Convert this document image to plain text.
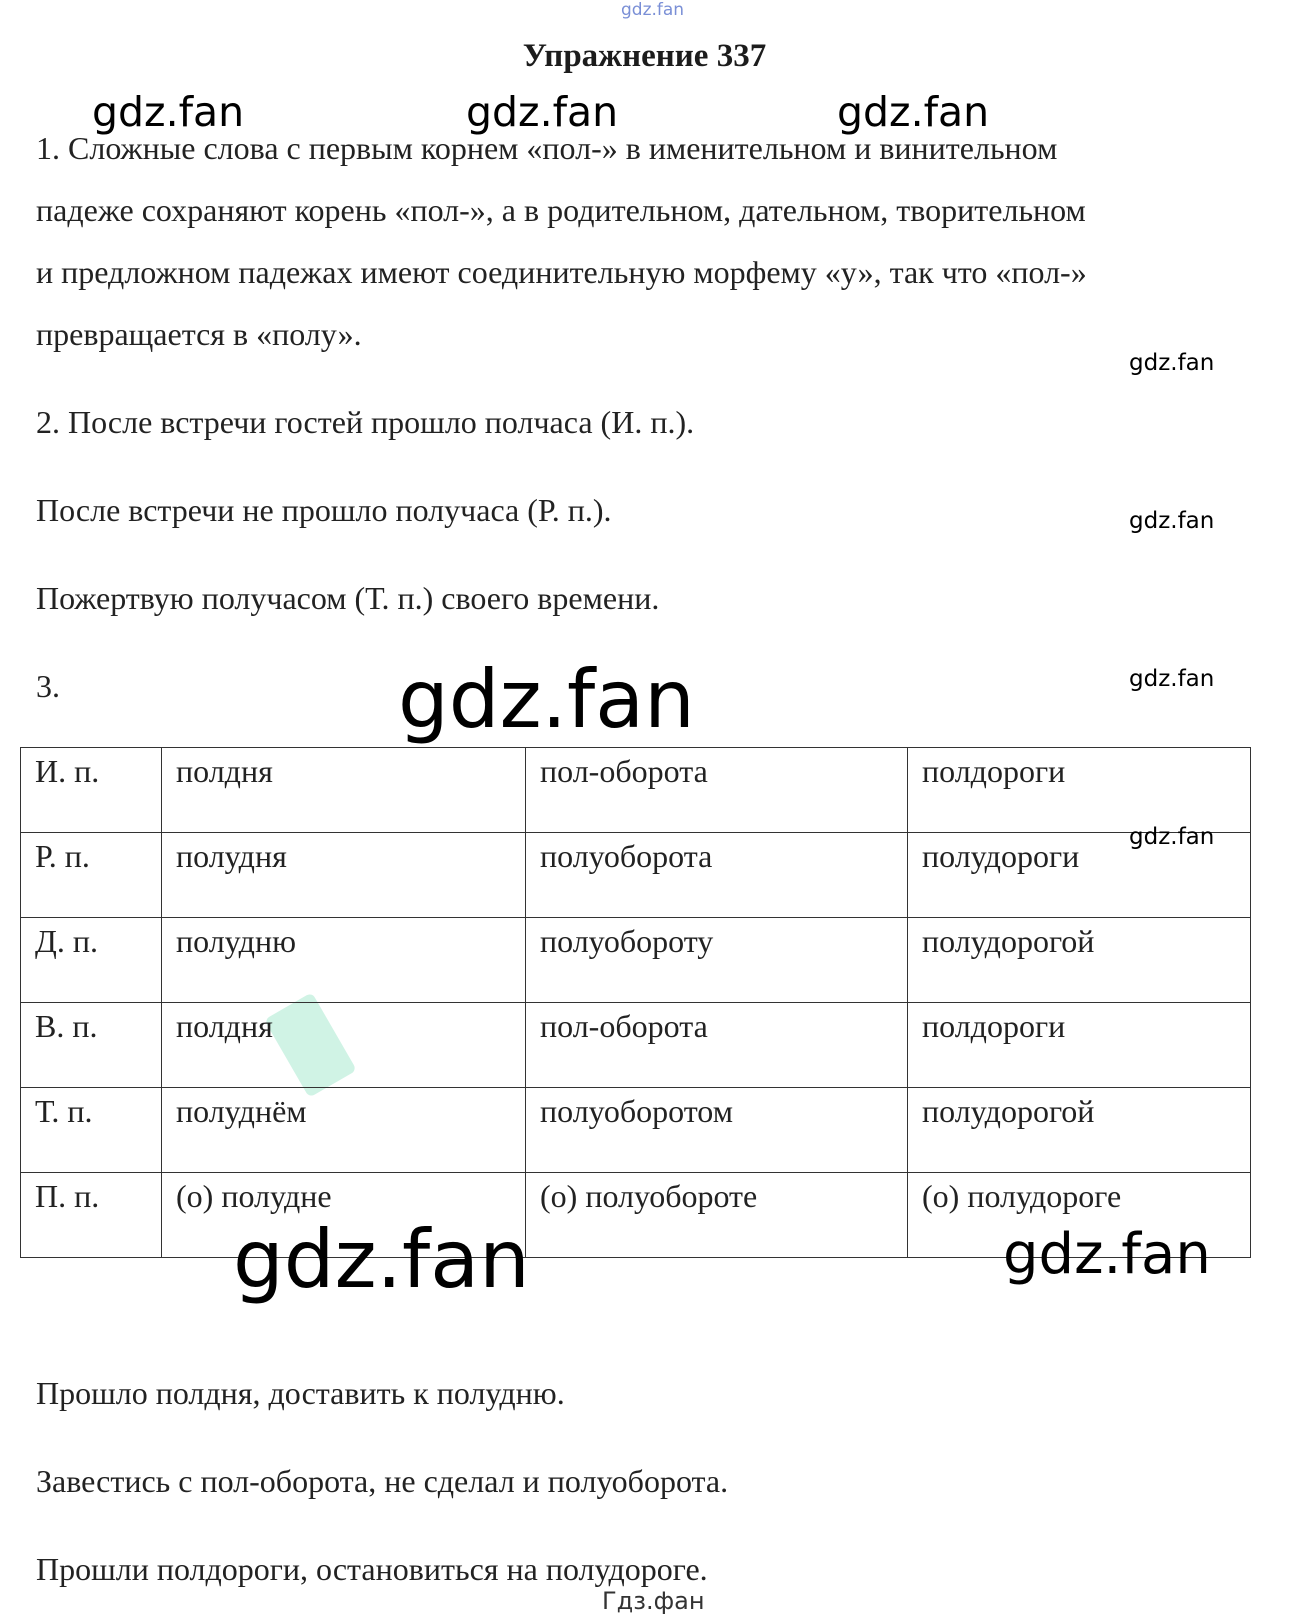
gdz.fan
Упражнение 337
1. Сложные слова с первым корнем «пол-» в именительном и винительном
падеже сохраняют корень «пол-», а в родительном, дательном, творительном
и предложном падежах имеют соединительную морфему «у», так что «пол-»
превращается в «полу».
2. После встречи гостей прошло полчаса (И. п.).
После встречи не прошло получаса (Р. п.).
Пожертвую получасом (Т. п.) своего времени.
3.
И. п.	полдня	пол-оборота	полдороги
Р. п.	полудня	полуоборота	полудороги
Д. п.	полудню	полуобороту	полудорогой
В. п.	полдня	пол-оборота	полдороги
Т. п.	полуднём	полуоборотом	полудорогой
П. п.	(о) полудне	(о) полуобороте	(о) полудороге
Прошло полдня, доставить к полудню.
Завестись с пол-оборота, не сделал и полуоборота.
Прошли полдороги, остановиться на полудороге.
gdz.fan	gdz.fan	gdz.fan
gdz.fan
gdz.fan
gdz.fan
gdz.fan
gdz.fan
gdz.fan	gdz.fan
Гдз.фан
